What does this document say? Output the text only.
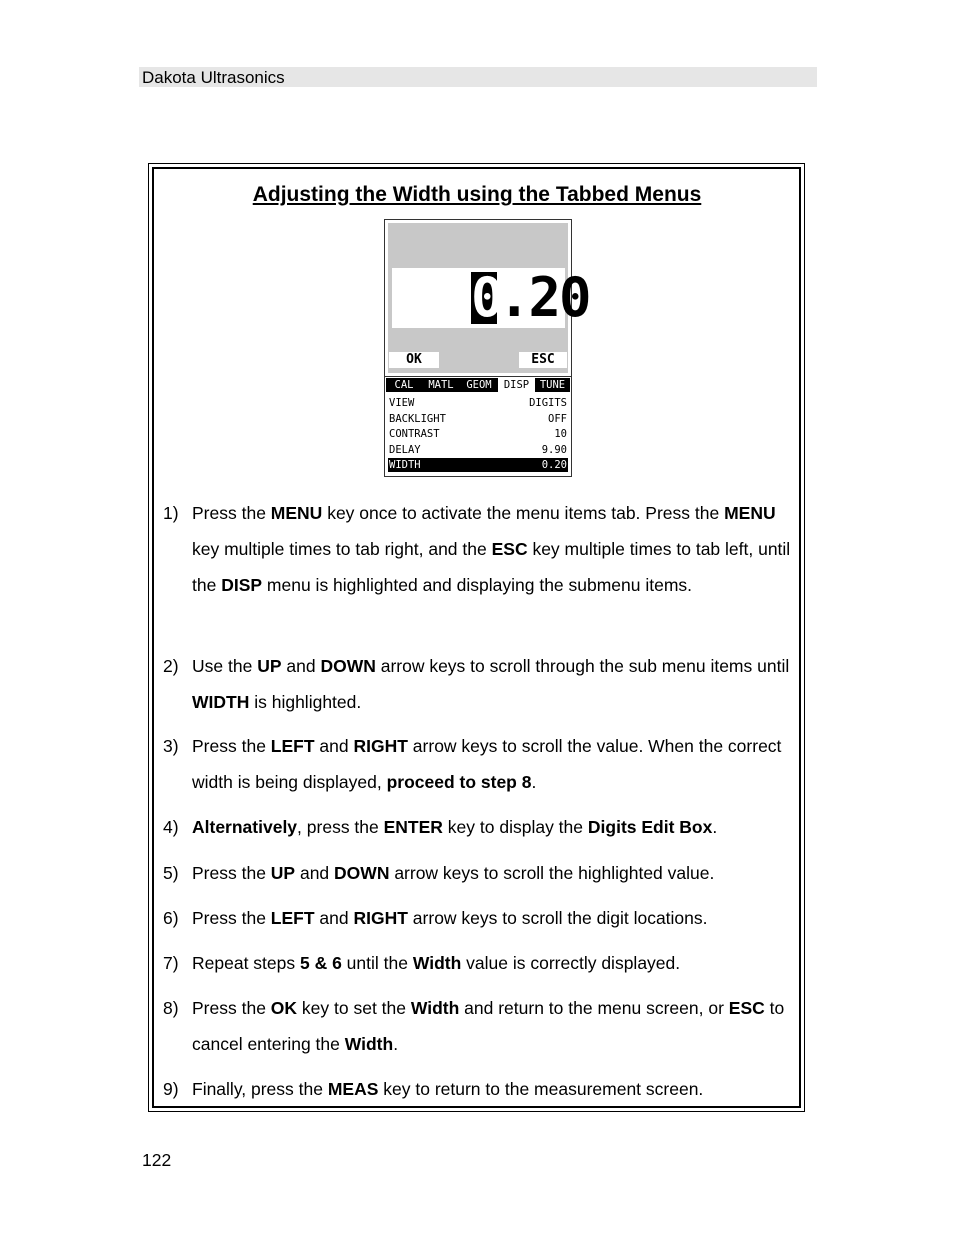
Dakota Ultrasonics
Adjusting the Width using the Tabbed Menus
0
.20
OK	ESC
CAL	MATL	GEOM	DISP	TUNE
VIEW	DIGITS
BACKLIGHT	OFF
CONTRAST	10
DELAY	9.90
WIDTH	0.20
1) Press the MENU key once to activate the menu items tab. Press the MENU key multiple times to tab right, and the ESC key multiple times to tab left, until the DISP menu is highlighted and displaying the submenu items.
2) Use the UP and DOWN arrow keys to scroll through the sub menu items until WIDTH is highlighted.
3) Press the LEFT and RIGHT arrow keys to scroll the value. When the correct width is being displayed, proceed to step 8.
4) Alternatively, press the ENTER key to display the Digits Edit Box.
5) Press the UP and DOWN arrow keys to scroll the highlighted value.
6) Press the LEFT and RIGHT arrow keys to scroll the digit locations.
7) Repeat steps 5 & 6 until the Width value is correctly displayed.
8) Press the OK key to set the Width and return to the menu screen, or ESC to cancel entering the Width.
9) Finally, press the MEAS key to return to the measurement screen.
122
